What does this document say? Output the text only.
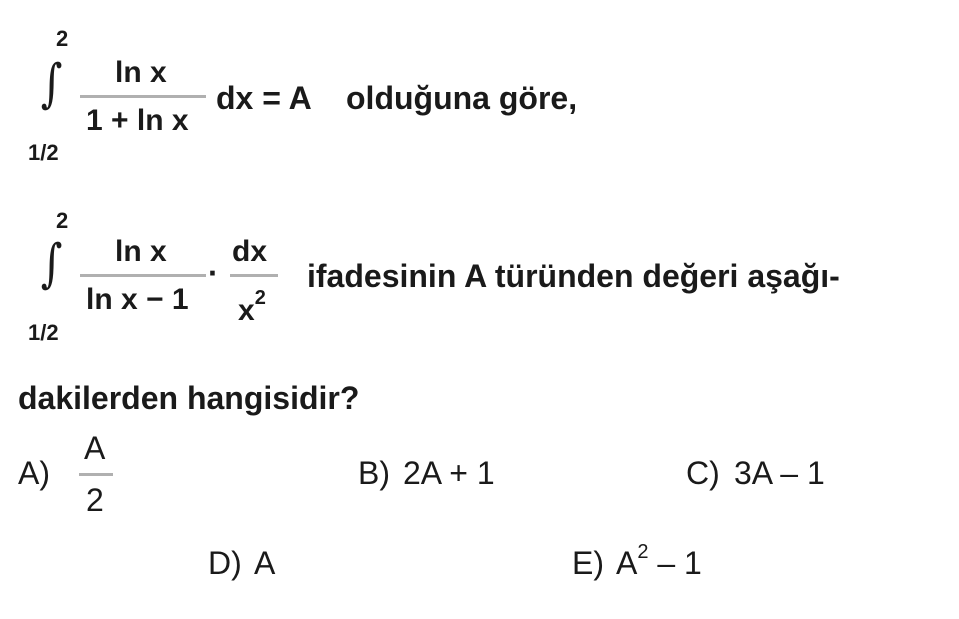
2
∫
1/2
ln x
1 + ln x
dx = A olduğuna göre,
2
∫
1/2
ln x
ln x − 1
·
dx
$x^2$
ifadesinin A türünden değeri aşağı-
dakilerden hangisidir?
A)
A
2
B) 2A + 1	C) 3A – 1
D) A	E) $A^2 - 1$
